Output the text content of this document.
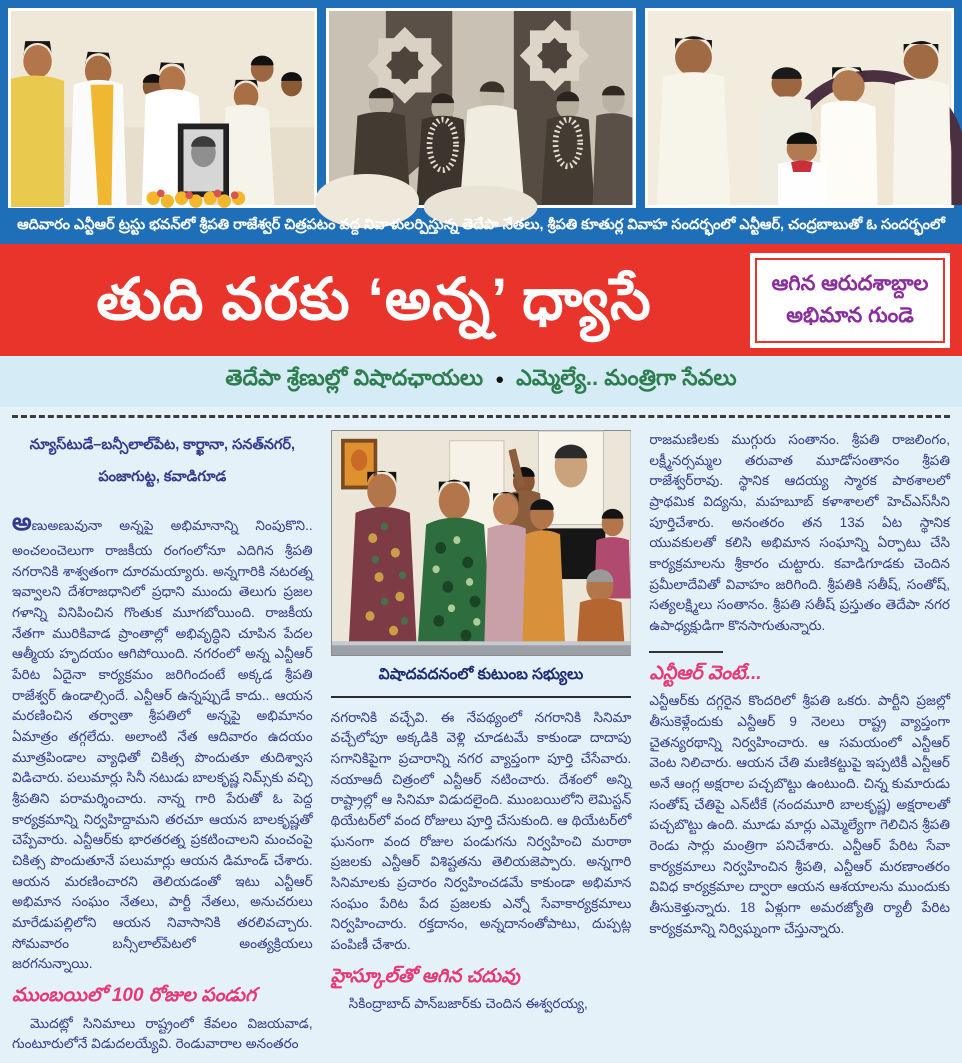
ఆదివారం ఎన్టీఆర్ ట్రస్టు భవన్‌లో శ్రీపతి రాజేశ్వర్ చిత్రపటం వద్ద నివాళులర్పిస్తున్న తెదేపా నేతలు, శ్రీపతి కూతుర్ల వివాహ సందర్భంలో ఎన్టీఆర్, చంద్రబాబుతో ఓ సందర్భంలో
తుది వరకు ‘అన్న’ ధ్యాసే	ఆగిన ఆరుదశాబ్దాల
అభిమాన గుండె
తెదేపా శ్రేణుల్లో విషాదఛాయలు ● ఎమ్మెల్యే.. మంత్రిగా సేవలు
న్యూస్‌టుడే–బన్సీలాల్‌పేట, కార్ఖానా, సనత్‌నగర్,
పంజాగుట్ట, కవాడిగూడ

అణుఅణువునా అన్నపై అభిమానాన్ని నింపుకొని.. అంచలంచెలుగా రాజకీయ రంగంలోనూ ఎదిగిన శ్రీపతి నగరానికి శాశ్వతంగా దూరమయ్యారు. అన్నగారికి నటరత్న ఇవ్వాలని దేశరాజధానిలో ప్రధాని ముందు తెలుగు ప్రజల గళాన్ని వినిపించిన గొంతుక మూగబోయింది. రాజకీయ నేతగా మురికివాడ ప్రాంతాల్లో అభివృద్ధిని చూపిన పేదల ఆత్మీయ హృదయం ఆగిపోయింది. నగరంలో అన్న ఎన్టీఆర్ పేరిట ఏదైనా కార్యక్రమం జరిగిందంటే అక్కడ శ్రీపతి రాజేశ్వర్ ఉండాల్సిందే. ఎన్టీఆర్ ఉన్నప్పుడే కాదు.. ఆయన మరణించిన తర్వాతా శ్రీపతిలో అన్నపై అభిమానం ఏమాత్రం తగ్గలేదు. అలాంటి నేత ఆదివారం ఉదయం మూత్రపిండాల వ్యాధితో చికిత్స పొందుతూ తుదిశ్వాస విడిచారు. పలుమార్లు సినీ నటుడు బాలకృష్ణ నిమ్స్‌కు వచ్చి శ్రీపతిని పరామర్శించారు. నాన్న గారి పేరుతో ఓ పెద్ద కార్యక్రమాన్ని నిర్వహిద్దామని తరచూ ఆయన బాలకృష్ణతో చెప్పేవారు. ఎన్టీఆర్‌కు భారతరత్న ప్రకటించాలని మంచంపై చికిత్స పొందుతూనే పలుమార్లు ఆయన డిమాండ్ చేశారు. ఆయన మరణించారని తెలియడంతో ఇటు ఎన్టీఆర్ అభిమాన సంఘం నేతలు, పార్టీ నేతలు, అనుచరులు మారేడుపల్లిలోని ఆయన నివాసానికి తరలివచ్చారు. సోమవారం బన్సీలాల్‌పేటలో అంత్యక్రియలు జరగనున్నాయి.

ముంబయిలో 100 రోజుల పండుగ

మొదట్లో సినిమాలు రాష్ట్రంలో కేవలం విజయవాడ, గుంటూరులోనే విడుదలయ్యేవి. రెండువారాల అనంతరం

విషాదవదనంలో కుటుంబ సభ్యులు

నగరానికి వచ్చేవి. ఈ నేపథ్యంలో నగరానికి సినిమా వచ్చేలోపూ అక్కడికి వెళ్లి చూడటమే కాకుండా దాదాపు సగానికిపైగా ప్రచారాన్ని నగర వ్యాప్తంగా పూర్తి చేసేవారు. నయాఆదీ చిత్రంలో ఎన్టీఆర్ నటించారు. దేశంలో అన్ని రాష్ట్రాల్లో ఆ సినిమా విడుదలైంది. ముంబయిలోని లెమిస్టన్ థియేటర్‌లో వంద రోజులు పూర్తి చేసుకుంది. ఆ థియేటర్‌లో ఘనంగా వంద రోజుల పండుగను నిర్వహించి మరాఠా ప్రజలకు ఎన్టీఆర్ విశిష్టతను తెలియజెప్పారు. అన్నగారి సినిమాలకు ప్రచారం నిర్వహించడమే కాకుండా అభిమాన సంఘం పేరిట పేద ప్రజలకు ఎన్నో సేవాకార్యక్రమాలు నిర్వహించారు. రక్తదానం, అన్నదానంతోపాటు, దుప్పట్ల పంపిణీ చేశారు.

హైస్కూల్‌తో ఆగిన చదువు

సికింద్రాబాద్ పాన్‌బజార్‌కు చెందిన ఈశ్వరయ్య,

రాజమణిలకు ముగ్గురు సంతానం. శ్రీపతి రాజలింగం, లక్ష్మీనర్సమ్మల తరువాత మూడోసంతానం శ్రీపతి రాజేశ్వర్‌రావు. స్థానిక ఆదయ్య స్మారక పాఠశాలలో ప్రాథమిక విద్యను, మహబూబ్ కళాశాలలో హెచ్‌ఎస్‌సీని పూర్తిచేశారు. అనంతరం తన 13వ ఏట స్థానిక యువకులతో కలిసి అభిమాన సంఘాన్ని ఏర్పాటు చేసి కార్యక్రమాలను శ్రీకారం చుట్టారు. కవాడిగూడకు చెందిన ప్రమీలాదేవితో వివాహం జరిగింది. శ్రీపతికి సతీష్, సంతోష్, సత్యలక్ష్మిలు సంతానం. శ్రీపతి సతీష్ ప్రస్తుతం తెదేపా నగర ఉపాధ్యక్షుడిగా కొనసాగుతున్నారు.

ఎన్టీఆర్ వెంటే...

ఎన్టీఆర్‌కు దగ్గరైన కొందరిలో శ్రీపతి ఒకరు. పార్టీని ప్రజల్లో తీసుకెళ్లేందుకు ఎన్టీఆర్ 9 నెలలు రాష్ట్ర వ్యాప్తంగా చైతన్యరథాన్ని నిర్వహించారు. ఆ సమయంలో ఎన్టీఆర్ వెంట నిలిచారు. ఆయన చేతి మణికట్టుపై ఇప్పటికీ ఎన్టీఆర్ అనే ఆంగ్ల అక్షరాల పచ్చబొట్టు ఉంటుంది. చిన్న కుమారుడు సంతోష్ చేతిపై ఎన్‌టీకే (నందమూరి బాలకృష్ణ) అక్షరాలతో పచ్చబొట్టు ఉంది. మూడు మార్లు ఎమ్మెల్యేగా గెలిచిన శ్రీపతి రెండు సార్లు మంత్రిగా పనిచేశారు. ఎన్టీఆర్ పేరిట సేవా కార్యక్రమాలు నిర్వహించిన శ్రీపతి, ఎన్టీఆర్ మరణాంతరం వివిధ కార్యక్రమాల ద్వారా ఆయన ఆశయాలను ముందుకు తీసుకెళ్తున్నారు. 18 ఏళ్లుగా అమరజ్యోతి ర్యాలీ పేరిట కార్యక్రమాన్ని నిర్విఘ్నంగా చేస్తున్నారు.
